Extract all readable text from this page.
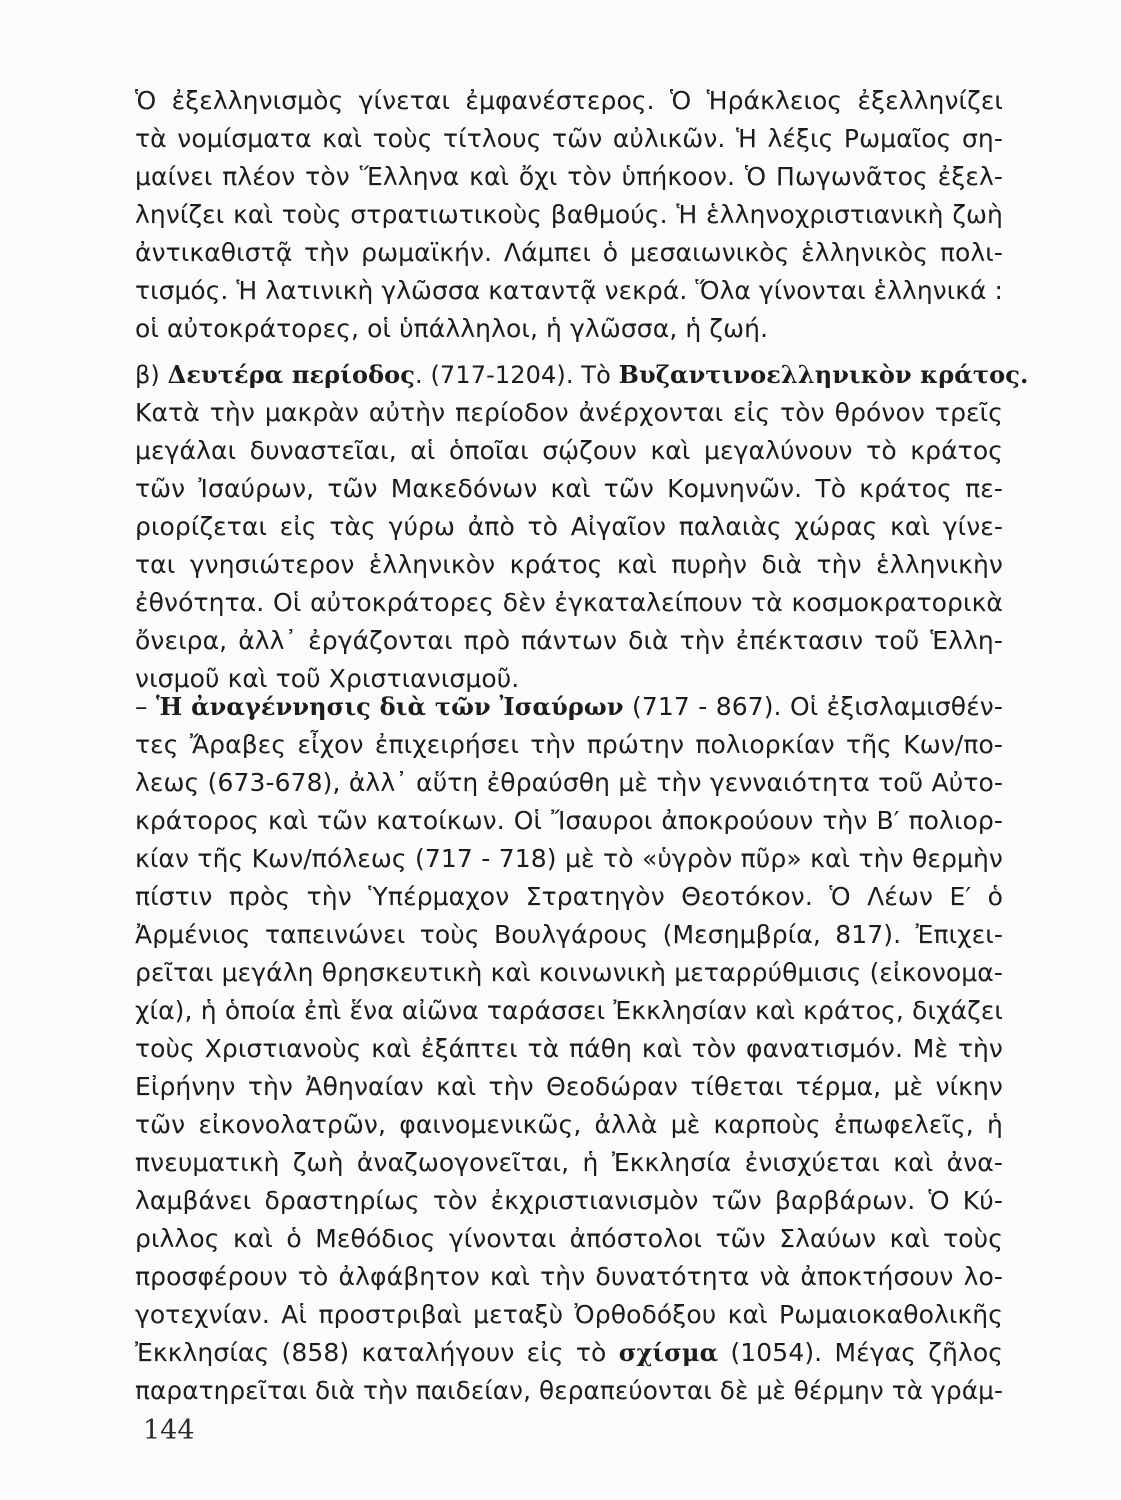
Ὁ ἐξελληνισμὸς γίνεται ἐμφανέστερος. Ὁ Ἡράκλειος ἐξελληνίζει
τὰ νομίσματα καὶ τοὺς τίτλους τῶν αὐλικῶν. Ἡ λέξις Ρωμαῖος ση-
μαίνει πλέον τὸν Ἕλληνα καὶ ὄχι τὸν ὑπήκοον. Ὁ Πωγωνᾶτος ἐξελ-
ληνίζει καὶ τοὺς στρατιωτικοὺς βαθμούς. Ἡ ἑλληνοχριστιανικὴ ζωὴ
ἀντικαθιστᾷ τὴν ρωμαϊκήν. Λάμπει ὁ μεσαιωνικὸς ἑλληνικὸς πολι-
τισμός. Ἡ λατινικὴ γλῶσσα καταντᾷ νεκρά. Ὅλα γίνονται ἑλληνικά :
οἱ αὐτοκράτορες, οἱ ὑπάλληλοι, ἡ γλῶσσα, ἡ ζωή.
β) Δευτέρα περίοδος. (717-1204). Τὸ Βυζαντινοελληνικὸν κράτος.
Κατὰ τὴν μακρὰν αὐτὴν περίοδον ἀνέρχονται εἰς τὸν θρόνον τρεῖς
μεγάλαι δυναστεῖαι, αἱ ὁποῖαι σῴζουν καὶ μεγαλύνουν τὸ κράτος
τῶν Ἰσαύρων, τῶν Μακεδόνων καὶ τῶν Κομνηνῶν. Τὸ κράτος πε-
ριορίζεται εἰς τὰς γύρω ἀπὸ τὸ Αἰγαῖον παλαιὰς χώρας καὶ γίνε-
ται γνησιώτερον ἑλληνικὸν κράτος καὶ πυρὴν διὰ τὴν ἑλληνικὴν
ἐθνότητα. Οἱ αὐτοκράτορες δὲν ἐγκαταλείπουν τὰ κοσμοκρατορικὰ
ὄνειρα, ἀλλ᾽ ἐργάζονται πρὸ πάντων διὰ τὴν ἐπέκτασιν τοῦ Ἑλλη-
νισμοῦ καὶ τοῦ Χριστιανισμοῦ.
– Ἡ ἀναγέννησις διὰ τῶν Ἰσαύρων (717 - 867). Οἱ ἐξισλαμισθέν-
τες Ἄραβες εἶχον ἐπιχειρήσει τὴν πρώτην πολιορκίαν τῆς Κων/πο-
λεως (673-678), ἀλλ᾽ αὕτη ἐθραύσθη μὲ τὴν γενναιότητα τοῦ Αὐτο-
κράτορος καὶ τῶν κατοίκων. Οἱ Ἴσαυροι ἀποκρούουν τὴν Β′ πολιορ-
κίαν τῆς Κων/πόλεως (717 - 718) μὲ τὸ «ὑγρὸν πῦρ» καὶ τὴν θερμὴν
πίστιν πρὸς τὴν Ὑπέρμαχον Στρατηγὸν Θεοτόκον. Ὁ Λέων Ε′ ὁ
Ἀρμένιος ταπεινώνει τοὺς Βουλγάρους (Μεσημβρία, 817). Ἐπιχει-
ρεῖται μεγάλη θρησκευτικὴ καὶ κοινωνικὴ μεταρρύθμισις (εἰκονομα-
χία), ἡ ὁποία ἐπὶ ἕνα αἰῶνα ταράσσει Ἐκκλησίαν καὶ κράτος, διχάζει
τοὺς Χριστιανοὺς καὶ ἐξάπτει τὰ πάθη καὶ τὸν φανατισμόν. Μὲ τὴν
Εἰρήνην τὴν Ἀθηναίαν καὶ τὴν Θεοδώραν τίθεται τέρμα, μὲ νίκην
τῶν εἰκονολατρῶν, φαινομενικῶς, ἀλλὰ μὲ καρποὺς ἐπωφελεῖς, ἡ
πνευματικὴ ζωὴ ἀναζωογονεῖται, ἡ Ἐκκλησία ἐνισχύεται καὶ ἀνα-
λαμβάνει δραστηρίως τὸν ἐκχριστιανισμὸν τῶν βαρβάρων. Ὁ Κύ-
ριλλος καὶ ὁ Μεθόδιος γίνονται ἀπόστολοι τῶν Σλαύων καὶ τοὺς
προσφέρουν τὸ ἀλφάβητον καὶ τὴν δυνατότητα νὰ ἀποκτήσουν λο-
γοτεχνίαν. Αἱ προστριβαὶ μεταξὺ Ὀρθοδόξου καὶ Ρωμαιοκαθολικῆς
Ἐκκλησίας (858) καταλήγουν εἰς τὸ σχίσμα (1054). Μέγας ζῆλος
παρατηρεῖται διὰ τὴν παιδείαν, θεραπεύονται δὲ μὲ θέρμην τὰ γράμ-
144
